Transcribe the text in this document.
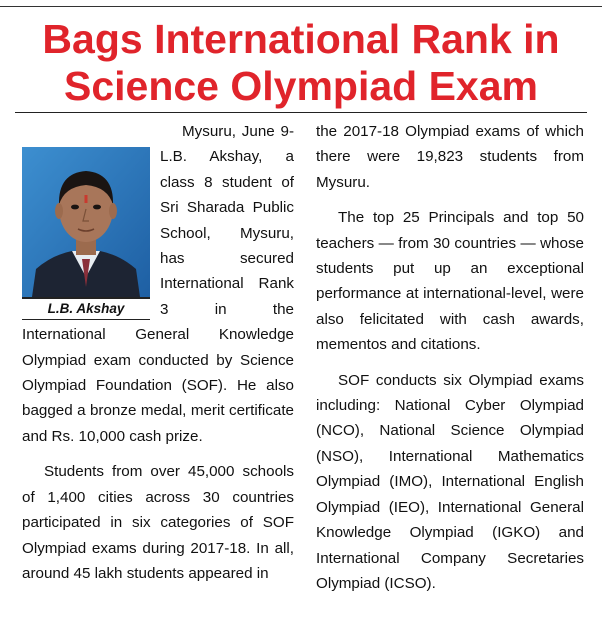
Bags International Rank in Science Olympiad Exam
L.B. Akshay

Mysuru, June 9- L.B. Akshay, a class 8 student of Sri Sharada Public School, Mysuru, has secured International Rank 3 in the International General Knowledge Olympiad exam conducted by Science Olympiad Foundation (SOF). He also bagged a bronze medal, merit certificate and Rs. 10,000 cash prize.

Students from over 45,000 schools of 1,400 cities across 30 countries participated in six categories of SOF Olympiad exams during 2017-18. In all, around 45 lakh students appeared in

the 2017-18 Olympiad exams of which there were 19,823 students from Mysuru.

The top 25 Principals and top 50 teachers — from 30 countries — whose students put up an exceptional performance at international-level, were also felicitated with cash awards, mementos and citations.

SOF conducts six Olympiad exams including: National Cyber Olympiad (NCO), National Science Olympiad (NSO), International Mathematics Olympiad (IMO), International English Olympiad (IEO), International General Knowledge Olympiad (IGKO) and International Company Secretaries Olympiad (ICSO).
